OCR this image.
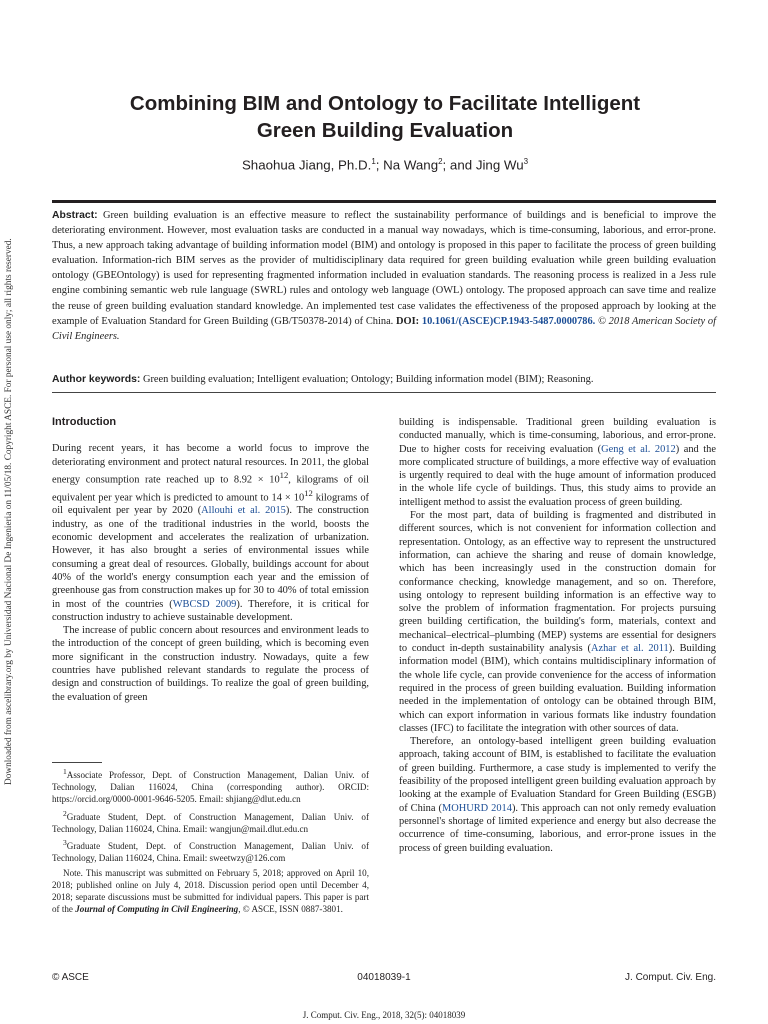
Downloaded from ascelibrary.org by Universidad Nacional De Ingenieria on 11/05/18. Copyright ASCE. For personal use only; all rights reserved.
Combining BIM and Ontology to Facilitate Intelligent
Green Building Evaluation
Shaohua Jiang, Ph.D.$^1$; Na Wang$^2$; and Jing Wu$^3$
Abstract: Green building evaluation is an effective measure to reflect the sustainability performance of buildings and is beneficial to improve the deteriorating environment. However, most evaluation tasks are conducted in a manual way nowadays, which is time-consuming, laborious, and error-prone. Thus, a new approach taking advantage of building information model (BIM) and ontology is proposed in this paper to facilitate the process of green building evaluation. Information-rich BIM serves as the provider of multidisciplinary data required for green building evaluation while green building evaluation ontology (GBEOntology) is used for representing fragmented information included in evaluation standards. The reasoning process is realized in a Jess rule engine combining semantic web rule language (SWRL) rules and ontology web language (OWL) ontology. The proposed approach can save time and realize the reuse of green building evaluation standard knowledge. An implemented test case validates the effectiveness of the proposed approach by looking at the example of Evaluation Standard for Green Building (GB/T50378-2014) of China. DOI: 10.1061/(ASCE)CP.1943-5487.0000786. © 2018 American Society of Civil Engineers.
Author keywords: Green building evaluation; Intelligent evaluation; Ontology; Building information model (BIM); Reasoning.
Introduction

During recent years, it has become a world focus to improve the deteriorating environment and protect natural resources. In 2011, the global energy consumption rate reached up to $8.92 \times 10^{12}$, kilograms of oil equivalent per year which is predicted to amount to $14 \times 10^{12}$ kilograms of oil equivalent per year by 2020 (Allouhi et al. 2015). The construction industry, as one of the traditional industries in the world, boosts the economic development and accelerates the realization of urbanization. However, it has also brought a series of environmental issues while consuming a great deal of resources. Globally, buildings account for about 40% of the world's energy consumption each year and the emission of greenhouse gas from construction makes up for 30 to 40% of total emission in most of the countries (WBCSD 2009). Therefore, it is critical for construction industry to achieve sustainable development.

The increase of public concern about resources and environment leads to the introduction of the concept of green building, which is becoming even more significant in the construction industry. Nowadays, quite a few countries have published relevant standards to regulate the process of design and construction of buildings. To realize the goal of green building, the evaluation of green

$^1$Associate Professor, Dept. of Construction Management, Dalian Univ. of Technology, Dalian 116024, China (corresponding author). ORCID: https://orcid.org/0000-0001-9646-5205. Email: shjiang@dlut.edu.cn

$^2$Graduate Student, Dept. of Construction Management, Dalian Univ. of Technology, Dalian 116024, China. Email: wangjun@mail.dlut.edu.cn

$^3$Graduate Student, Dept. of Construction Management, Dalian Univ. of Technology, Dalian 116024, China. Email: sweetwzy@126.com

Note. This manuscript was submitted on February 5, 2018; approved on April 10, 2018; published online on July 4, 2018. Discussion period open until December 4, 2018; separate discussions must be submitted for individual papers. This paper is part of the Journal of Computing in Civil Engineering, © ASCE, ISSN 0887-3801.

building is indispensable. Traditional green building evaluation is conducted manually, which is time-consuming, laborious, and error-prone. Due to higher costs for receiving evaluation (Geng et al. 2012) and the more complicated structure of buildings, a more effective way of evaluation is urgently required to deal with the huge amount of information produced in the whole life cycle of buildings. Thus, this study aims to provide an intelligent method to assist the evaluation process of green building.

For the most part, data of building is fragmented and distributed in different sources, which is not convenient for information collection and representation. Ontology, as an effective way to represent the unstructured information, can achieve the sharing and reuse of domain knowledge, which has been increasingly used in the construction domain for conformance checking, knowledge management, and so on. Therefore, using ontology to represent building information is an effective way to solve the problem of information fragmentation. For projects pursuing green building certification, the building's form, materials, context and mechanical–electrical–plumbing (MEP) systems are essential for designers to conduct in-depth sustainability analysis (Azhar et al. 2011). Building information model (BIM), which contains multidisciplinary information of the whole life cycle, can provide convenience for the access of information required in the process of green building evaluation. Building information needed in the implementation of ontology can be obtained through BIM, which can export information in various formats like industry foundation classes (IFC) to facilitate the integration with other sources of data.

Therefore, an ontology-based intelligent green building evaluation approach, taking account of BIM, is established to facilitate the evaluation of green building. Furthermore, a case study is implemented to verify the feasibility of the proposed intelligent green building evaluation approach by looking at the example of Evaluation Standard for Green Building (ESGB) of China (MOHURD 2014). This approach can not only remedy evaluation personnel's shortage of limited experience and energy but also decrease the occurrence of time-consuming, laborious, and error-prone issues in the process of green building evaluation.

© ASCE	04018039-1	J. Comput. Civ. Eng.
J. Comput. Civ. Eng., 2018, 32(5): 04018039
